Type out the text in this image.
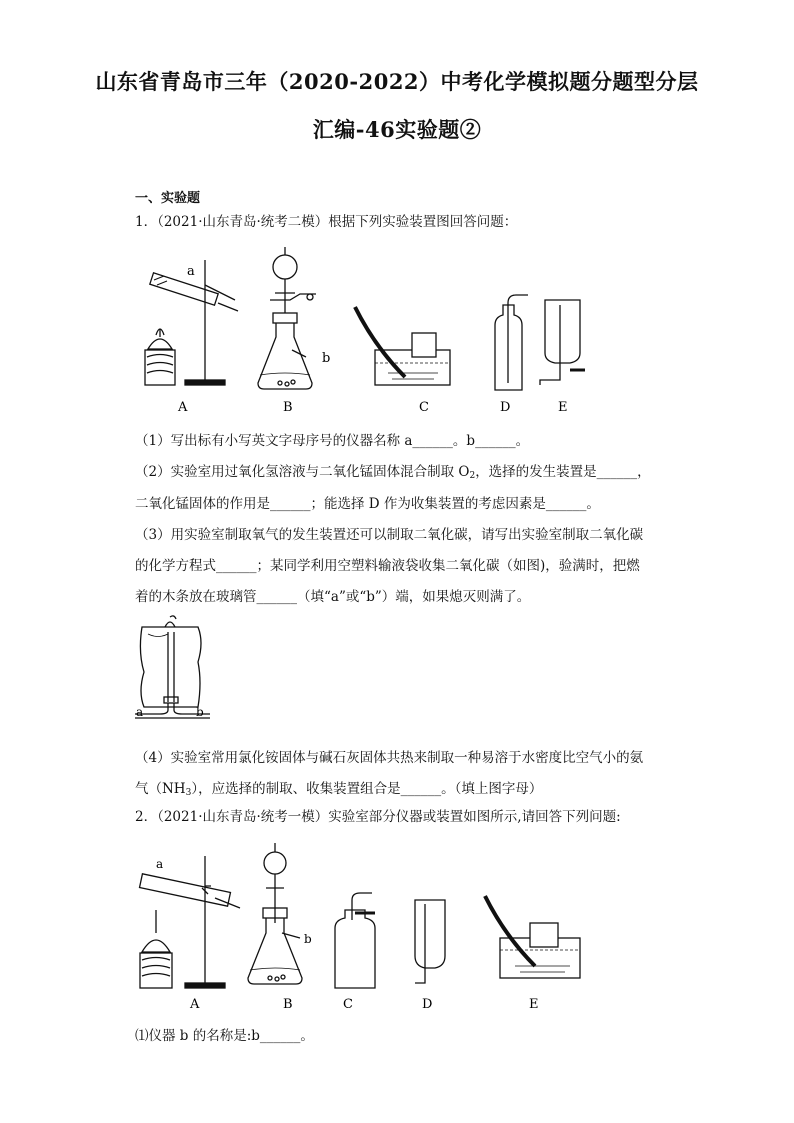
山东省青岛市三年（2020-2022）中考化学模拟题分题型分层
汇编-46实验题②
一、实验题
1．（2021·山东青岛·统考二模）根据下列实验装置图回答问题：
a
b
A	B	C	D	E
（1）写出标有小写英文字母序号的仪器名称 a______。b______。
（2）实验室用过氧化氢溶液与二氧化锰固体混合制取 $O_2$，选择的发生装置是______，
二氧化锰固体的作用是______；能选择 D 作为收集装置的考虑因素是______。
（3）用实验室制取氧气的发生装置还可以制取二氧化碳，请写出实验室制取二氧化碳
的化学方程式______；某同学利用空塑料输液袋收集二氧化碳（如图)，验满时，把燃
着的木条放在玻璃管______（填“a”或“b”）端，如果熄灭则满了。
a	b
（4）实验室常用氯化铵固体与碱石灰固体共热来制取一种易溶于水密度比空气小的氨
气$(NH_3)$，应选择的制取、收集装置组合是______。（填上图字母）
2．（2021·山东青岛·统考一模）实验室部分仪器或装置如图所示,请回答下列问题:
a
b
A	B	C	D	E
⑴仪器 b 的名称是:b______。
